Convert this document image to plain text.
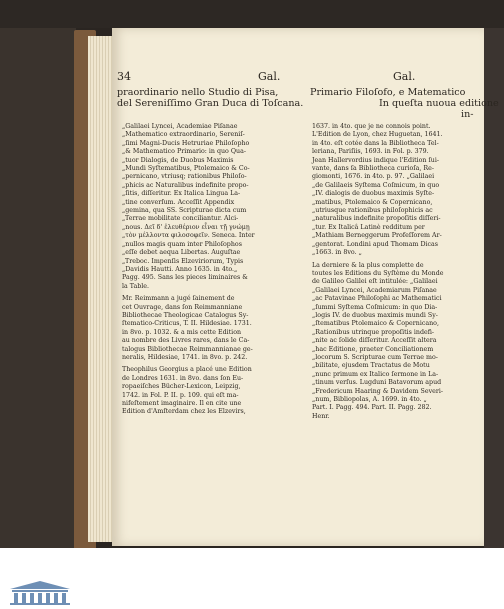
34	Gal.	Gal.
praordinario nello Studio di Pisa,
del Sereniſſimo Gran Duca di Toſcana.
Primario Filoſofo, e Matematico
In queſta nuoua editione
in-
„Galilaei Lyncei, Academiae Piſanae
„Mathematico extraordinario, Sereniſ-
„ſimi Magni-Ducis Hetruriae Philoſopho
„& Mathematico Primario: in quo Qua-
„tuor Dialogis, de Duobus Maximis
„Mundi Syſtematibus, Ptolemaico & Co-
„pernicano, vtriusq; rationibus Philoſo-
„phicis ac Naturalibus indefinite propo-
„ſitis, diſſeritur. Ex Italica Lingua La-
„tine converſum. Acceſſit Appendix
„gemina, qua SS. Scripturae dicta cum
„Terrae mobilitate conciliantur. Alci-
„nous. Δεῖ δ' ἐλευθέριον εἶναι τῇ γνώμῃ
„τὸν μέλλοντα φιλοσοφεῖν. Seneca. Inter
„nullos magis quam inter Philoſophos
„eſſe debet aequa Libertas. Auguſtae
„Treboc. Impenſis Elzeviriorum, Typis
„Davidis Hautti. Anno 1635. in 4to.„
Pagg. 495. Sans les pieces liminaires &
la Table.
Mr. Reimmann a jugé ſainement de
cet Ouvrage, dans ſon Reimmanniane
Bibliothecae Theologicae Catalogus Sy-
ſtematico-Criticus, T. II. Hildesiae. 1731.
in 8vo. p. 1032. & a mis cette Edition
au nombre des Livres rares, dans le Ca-
talogus Bibliothecae Reimmannianae ge-
neralis, Hildesiae, 1741. in 8vo. p. 242.
Theophilus Georgius a placé une Edition
de Londres 1631. in 8vo. dans ſon Eu-
ropaeiſches Bücher-Lexicon, Leipzig,
1742. in Fol. P. II. p. 109. qui eſt ma-
nifeſtement imaginaire. Il en cite une
Edition d'Amſterdam chez les Elzevirs,
1637. in 4to. que je ne connois point.
L'Edition de Lyon, chez Huguetan, 1641.
in 4to. eſt cotée dans la Bibliotheca Tel-
leriana, Pariſiis, 1693. in Fol. p. 379.
Jean Hallervordius indique l'Edition ſui-
vante, dans ſa Bibliotheca curioſa, Re-
giomonti, 1676. in 4to. p. 97. „Galilaei
„de Galilaeis Syſtema Coſmicum, in quo
„IV. dialogis de duobus maximis Syſte-
„matibus, Ptolemaico & Copernicano,
„utriusque rationibus philoſophicis ac
„naturalibus indefinite propoſitis diſſeri-
„tur. Ex Italicâ Latinè redditum per
„Mathiam Berneggerum Profeſſorem Ar-
„gentorat. Londini apud Thomam Dicas
„1663. in 8vo. „
La derniere & la plus complette de
toutes les Editions du Syſtème du Monde
de Galileo Galilei eſt intitulée: „Galilaei
„Galilaei Lyncei, Academiarum Piſanae
„ac Patavinae Philoſophi ac Mathematici
„ſummi Syſtema Coſmicum: in quo Dia-
„logis IV. de duobus maximis mundi Sy-
„ſtematibus Ptolemaico & Copernicano,
„Rationibus utrinque propoſitis indefi-
„nite ac ſolide diſſeritur. Acceſſit altera
„hac Editione, praeter Conciliationem
„locorum S. Scripturae cum Terrae mo-
„bilitate, ejusdem Tractatus de Motu
„nunc primum ex Italico ſermone in La-
„tinum verſus. Lugduni Batavorum apud
„Fredericum Haaring & Davidem Severi-
„num, Bibliopolas, A. 1699. in 4to. „
Part. I. Pagg. 494. Part. II. Pagg. 282.
Henr.
